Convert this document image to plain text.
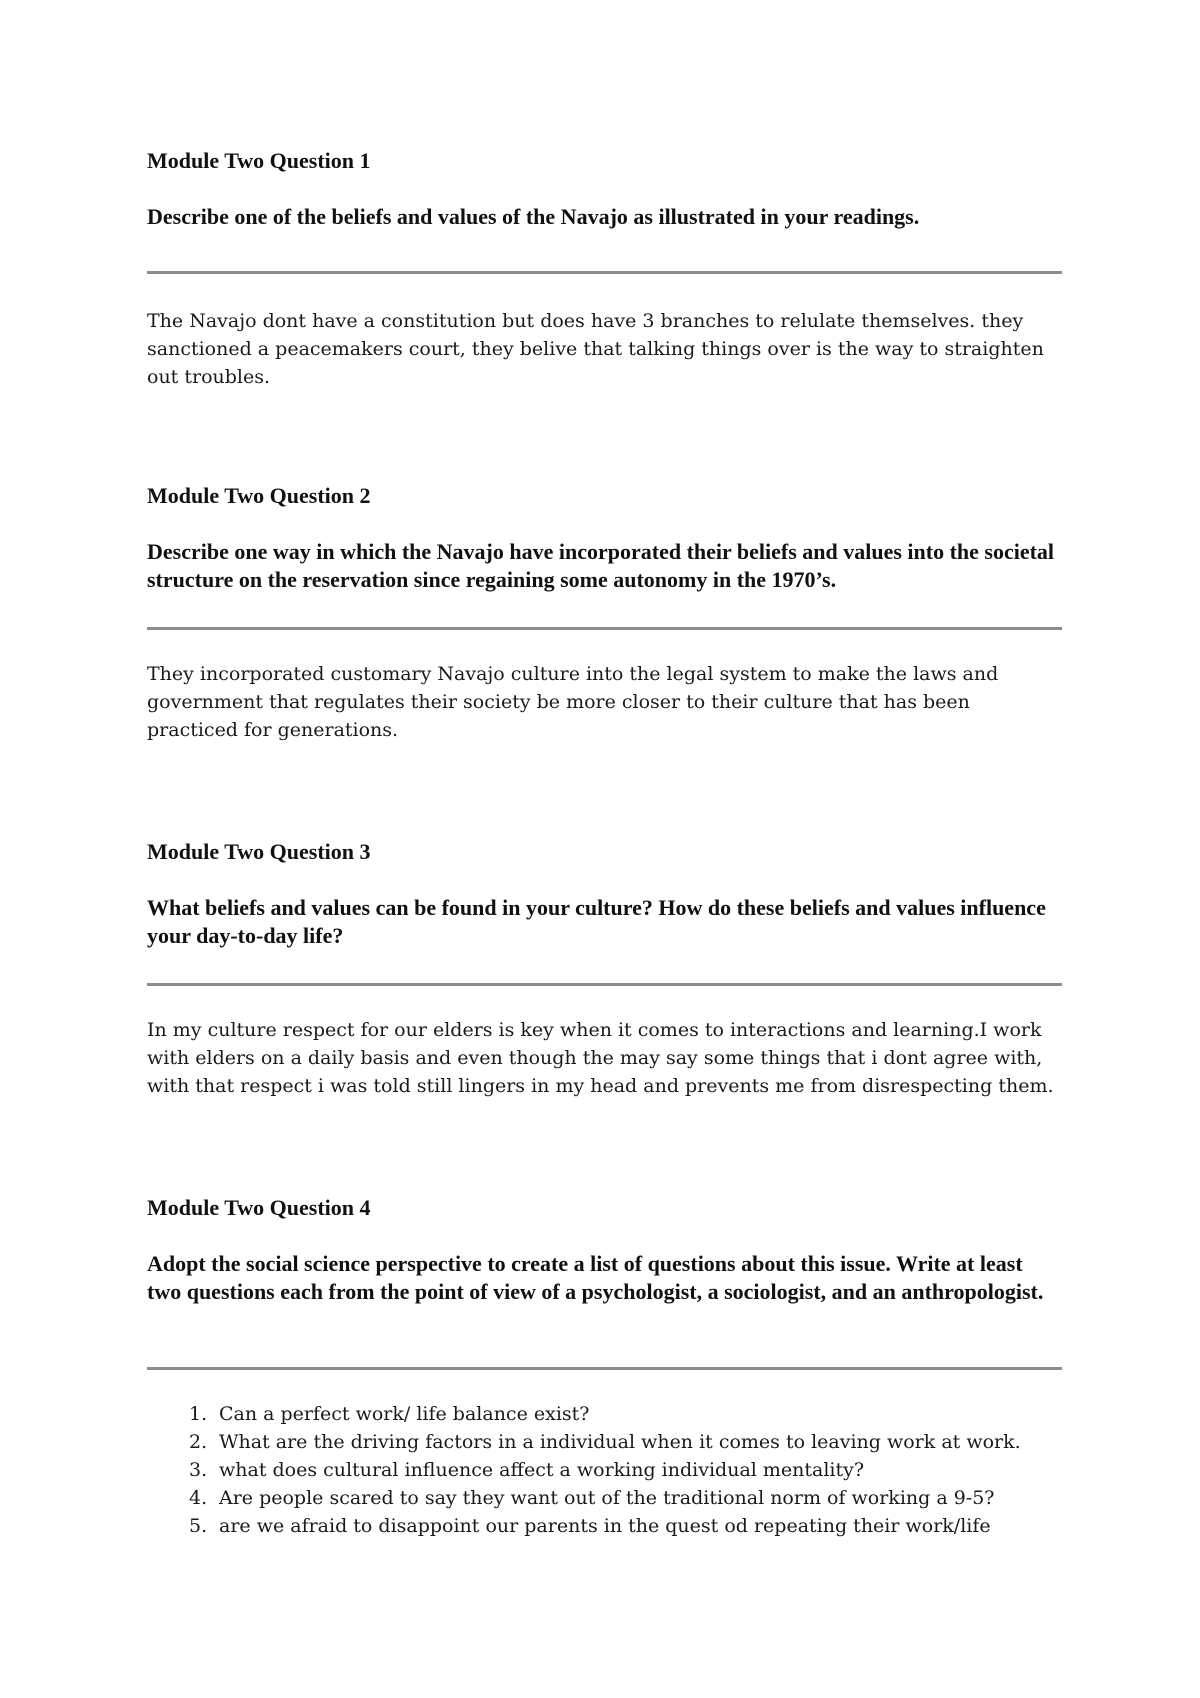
Module Two Question 1

Describe one of the beliefs and values of the Navajo as illustrated in your readings.

The Navajo dont have a constitution but does have 3 branches to relulate themselves. they sanctioned a peacemakers court, they belive that talking things over is the way to straighten out troubles.

Module Two Question 2

Describe one way in which the Navajo have incorporated their beliefs and values into the societal structure on the reservation since regaining some autonomy in the 1970’s.

They incorporated customary Navajo culture into the legal system to make the laws and government that regulates their society be more closer to their culture that has been practiced for generations.

Module Two Question 3

What beliefs and values can be found in your culture? How do these beliefs and values influence your day-to-day life?

In my culture respect for our elders is key when it comes to interactions and learning.I work with elders on a daily basis and even though the may say some things that i dont agree with, with that respect i was told still lingers in my head and prevents me from disrespecting them.

Module Two Question 4

Adopt the social science perspective to create a list of questions about this issue. Write at least two questions each from the point of view of a psychologist, a sociologist, and an anthropologist.

1. Can a perfect work/ life balance exist?
2. What are the driving factors in a individual when it comes to leaving work at work.
3. what does cultural influence affect a working individual mentality?
4. Are people scared to say they want out of the traditional norm of working a 9-5?
5. are we afraid to disappoint our parents in the quest od repeating their work/life
